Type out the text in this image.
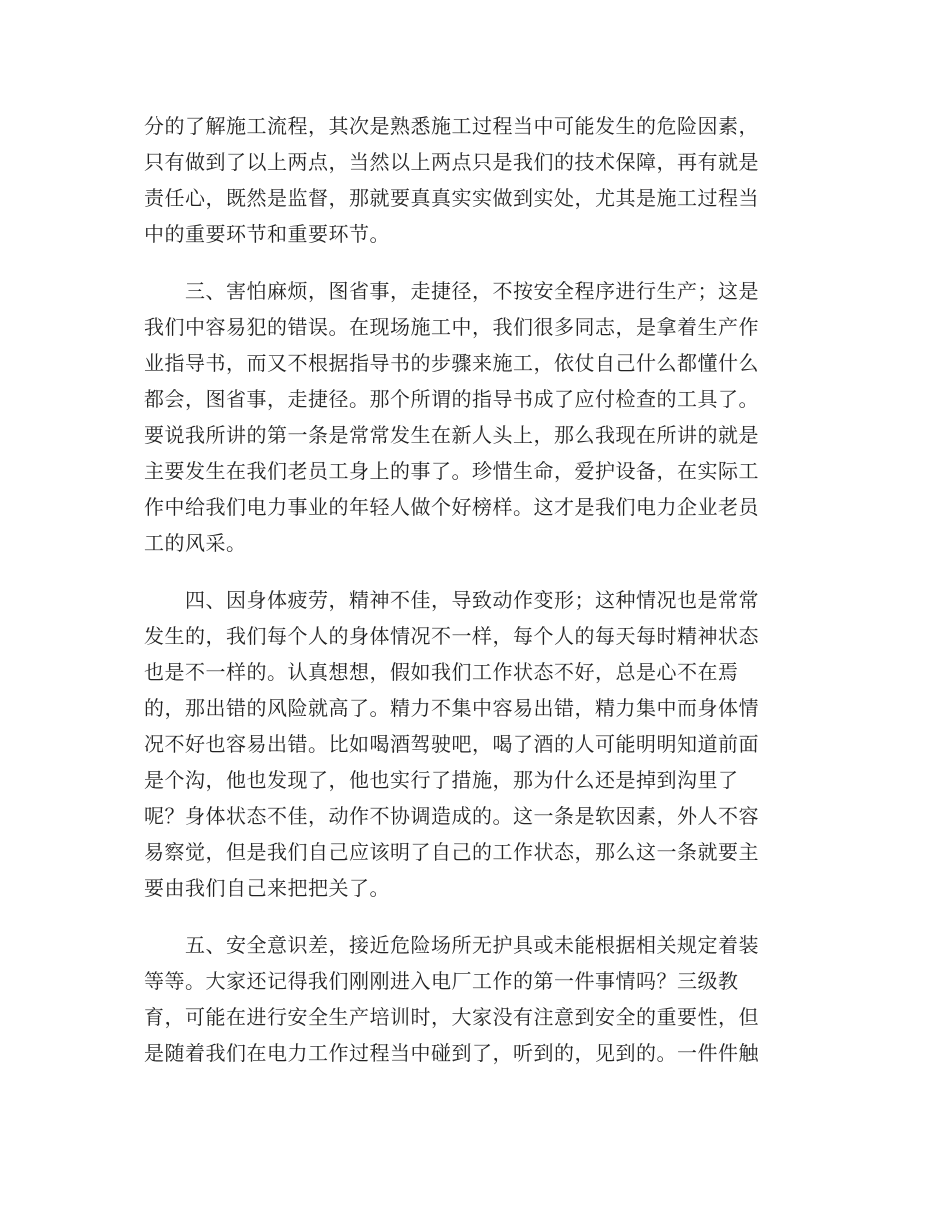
分的了解施工流程，其次是熟悉施工过程当中可能发生的危险因素，
只有做到了以上两点，当然以上两点只是我们的技术保障，再有就是
责任心，既然是监督，那就要真真实实做到实处，尤其是施工过程当
中的重要环节和重要环节。
　　三、害怕麻烦，图省事，走捷径，不按安全程序进行生产；这是
我们中容易犯的错误。在现场施工中，我们很多同志，是拿着生产作
业指导书，而又不根据指导书的步骤来施工，依仗自己什么都懂什么
都会，图省事，走捷径。那个所谓的指导书成了应付检查的工具了。
要说我所讲的第一条是常常发生在新人头上，那么我现在所讲的就是
主要发生在我们老员工身上的事了。珍惜生命，爱护设备，在实际工
作中给我们电力事业的年轻人做个好榜样。这才是我们电力企业老员
工的风采。
　　四、因身体疲劳，精神不佳，导致动作变形；这种情况也是常常
发生的，我们每个人的身体情况不一样，每个人的每天每时精神状态
也是不一样的。认真想想，假如我们工作状态不好，总是心不在焉
的，那出错的风险就高了。精力不集中容易出错，精力集中而身体情
况不好也容易出错。比如喝酒驾驶吧，喝了酒的人可能明明知道前面
是个沟，他也发现了，他也实行了措施，那为什么还是掉到沟里了
呢？身体状态不佳，动作不协调造成的。这一条是软因素，外人不容
易察觉，但是我们自己应该明了自己的工作状态，那么这一条就要主
要由我们自己来把把关了。
　　五、安全意识差，接近危险场所无护具或未能根据相关规定着装
等等。大家还记得我们刚刚进入电厂工作的第一件事情吗？三级教
育，可能在进行安全生产培训时，大家没有注意到安全的重要性，但
是随着我们在电力工作过程当中碰到了，听到的，见到的。一件件触
